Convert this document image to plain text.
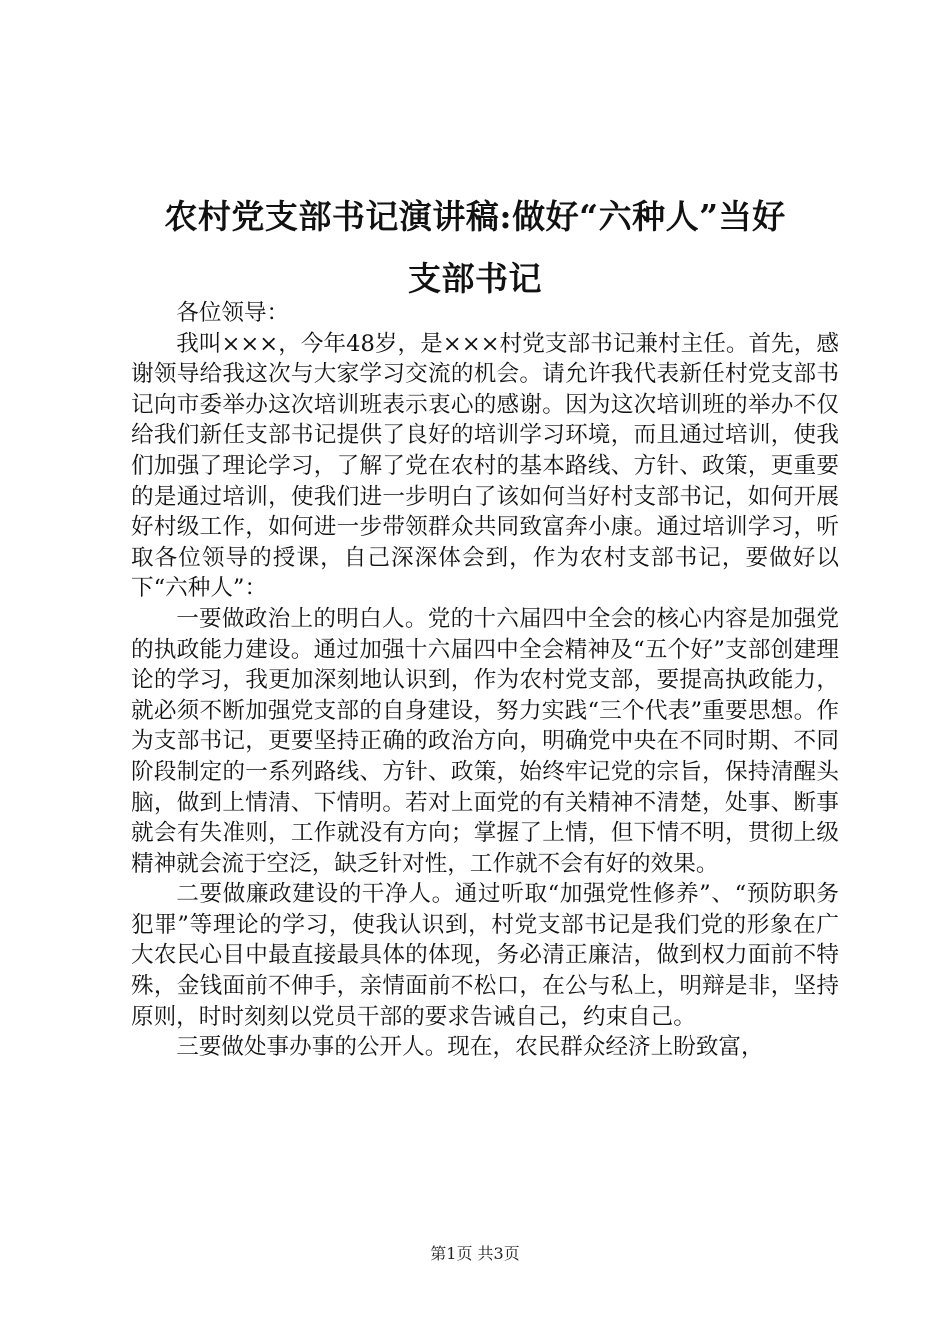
农村党支部书记演讲稿:做好“六种人”当好
支部书记

各位领导：

我叫×××，今年48岁，是×××村党支部书记兼村主任。首先，感谢领导给我这次与大家学习交流的机会。请允许我代表新任村党支部书记向市委举办这次培训班表示衷心的感谢。因为这次培训班的举办不仅给我们新任支部书记提供了良好的培训学习环境，而且通过培训，使我们加强了理论学习，了解了党在农村的基本路线、方针、政策，更重要的是通过培训，使我们进一步明白了该如何当好村支部书记，如何开展好村级工作，如何进一步带领群众共同致富奔小康。通过培训学习，听取各位领导的授课，自己深深体会到，作为农村支部书记，要做好以下“六种人”：

一要做政治上的明白人。党的十六届四中全会的核心内容是加强党的执政能力建设。通过加强十六届四中全会精神及“五个好”支部创建理论的学习，我更加深刻地认识到，作为农村党支部，要提高执政能力，就必须不断加强党支部的自身建设，努力实践“三个代表”重要思想。作为支部书记，更要坚持正确的政治方向，明确党中央在不同时期、不同阶段制定的一系列路线、方针、政策，始终牢记党的宗旨，保持清醒头脑，做到上情清、下情明。若对上面党的有关精神不清楚，处事、断事就会有失准则，工作就没有方向；掌握了上情，但下情不明，贯彻上级精神就会流于空泛，缺乏针对性，工作就不会有好的效果。

二要做廉政建设的干净人。通过听取“加强党性修养”、“预防职务犯罪”等理论的学习，使我认识到，村党支部书记是我们党的形象在广大农民心目中最直接最具体的体现，务必清正廉洁，做到权力面前不特殊，金钱面前不伸手，亲情面前不松口，在公与私上，明辩是非，坚持原则，时时刻刻以党员干部的要求告诫自己，约束自己。

三要做处事办事的公开人。现在，农民群众经济上盼致富，

第1页 共3页
